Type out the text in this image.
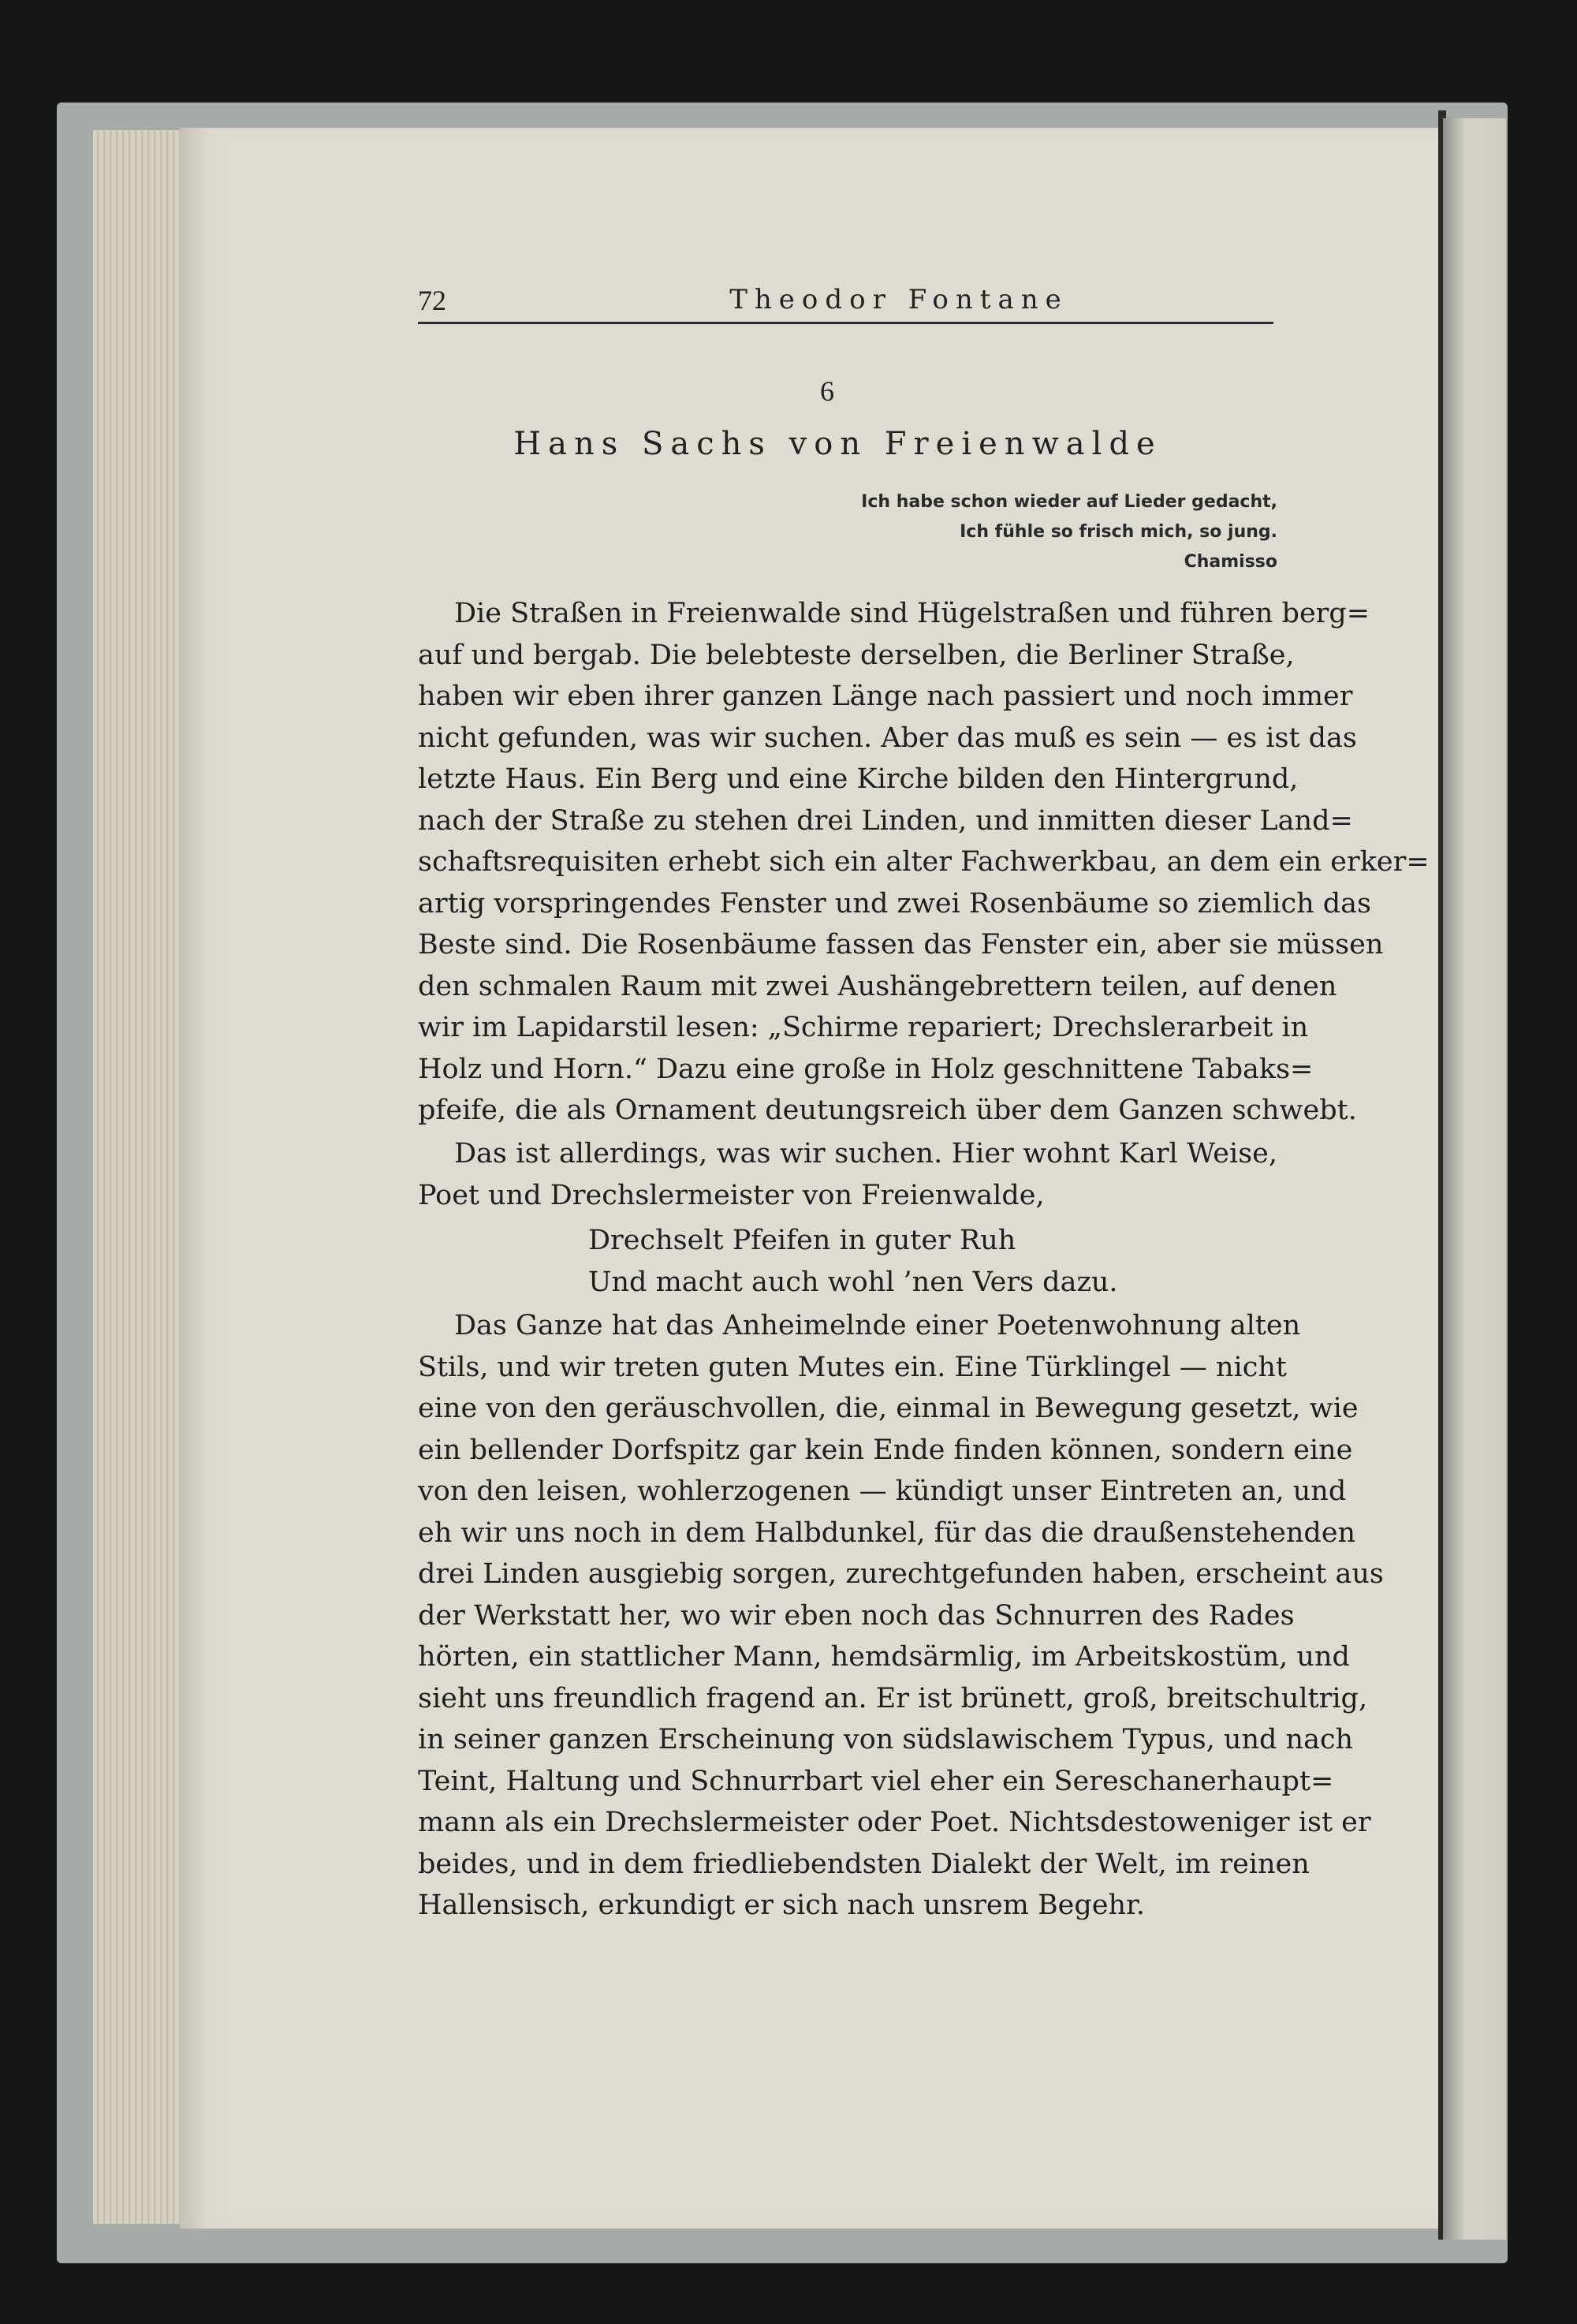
72	Theodor Fontane
6
Hans Sachs von Freienwalde
Ich habe schon wieder auf Lieder gedacht,
Ich fühle so frisch mich, so jung.
Chamisso
Die Straßen in Freienwalde sind Hügelstraßen und führen berg=
auf und bergab. Die belebteste derselben, die Berliner Straße,
haben wir eben ihrer ganzen Länge nach passiert und noch immer
nicht gefunden, was wir suchen. Aber das muß es sein — es ist das
letzte Haus. Ein Berg und eine Kirche bilden den Hintergrund,
nach der Straße zu stehen drei Linden, und inmitten dieser Land=
schaftsrequisiten erhebt sich ein alter Fachwerkbau, an dem ein erker=
artig vorspringendes Fenster und zwei Rosenbäume so ziemlich das
Beste sind. Die Rosenbäume fassen das Fenster ein, aber sie müssen
den schmalen Raum mit zwei Aushängebrettern teilen, auf denen
wir im Lapidarstil lesen: „Schirme repariert; Drechslerarbeit in
Holz und Horn.“ Dazu eine große in Holz geschnittene Tabaks=
pfeife, die als Ornament deutungsreich über dem Ganzen schwebt.
Das ist allerdings, was wir suchen. Hier wohnt Karl Weise,
Poet und Drechslermeister von Freienwalde,
Drechselt Pfeifen in guter Ruh
Und macht auch wohl ’nen Vers dazu.
Das Ganze hat das Anheimelnde einer Poetenwohnung alten
Stils, und wir treten guten Mutes ein. Eine Türklingel — nicht
eine von den geräuschvollen, die, einmal in Bewegung gesetzt, wie
ein bellender Dorfspitz gar kein Ende finden können, sondern eine
von den leisen, wohlerzogenen — kündigt unser Eintreten an, und
eh wir uns noch in dem Halbdunkel, für das die draußenstehenden
drei Linden ausgiebig sorgen, zurechtgefunden haben, erscheint aus
der Werkstatt her, wo wir eben noch das Schnurren des Rades
hörten, ein stattlicher Mann, hemdsärmlig, im Arbeitskostüm, und
sieht uns freundlich fragend an. Er ist brünett, groß, breitschultrig,
in seiner ganzen Erscheinung von südslawischem Typus, und nach
Teint, Haltung und Schnurrbart viel eher ein Sereschanerhaupt=
mann als ein Drechslermeister oder Poet. Nichtsdestoweniger ist er
beides, und in dem friedliebendsten Dialekt der Welt, im reinen
Hallensisch, erkundigt er sich nach unsrem Begehr.
